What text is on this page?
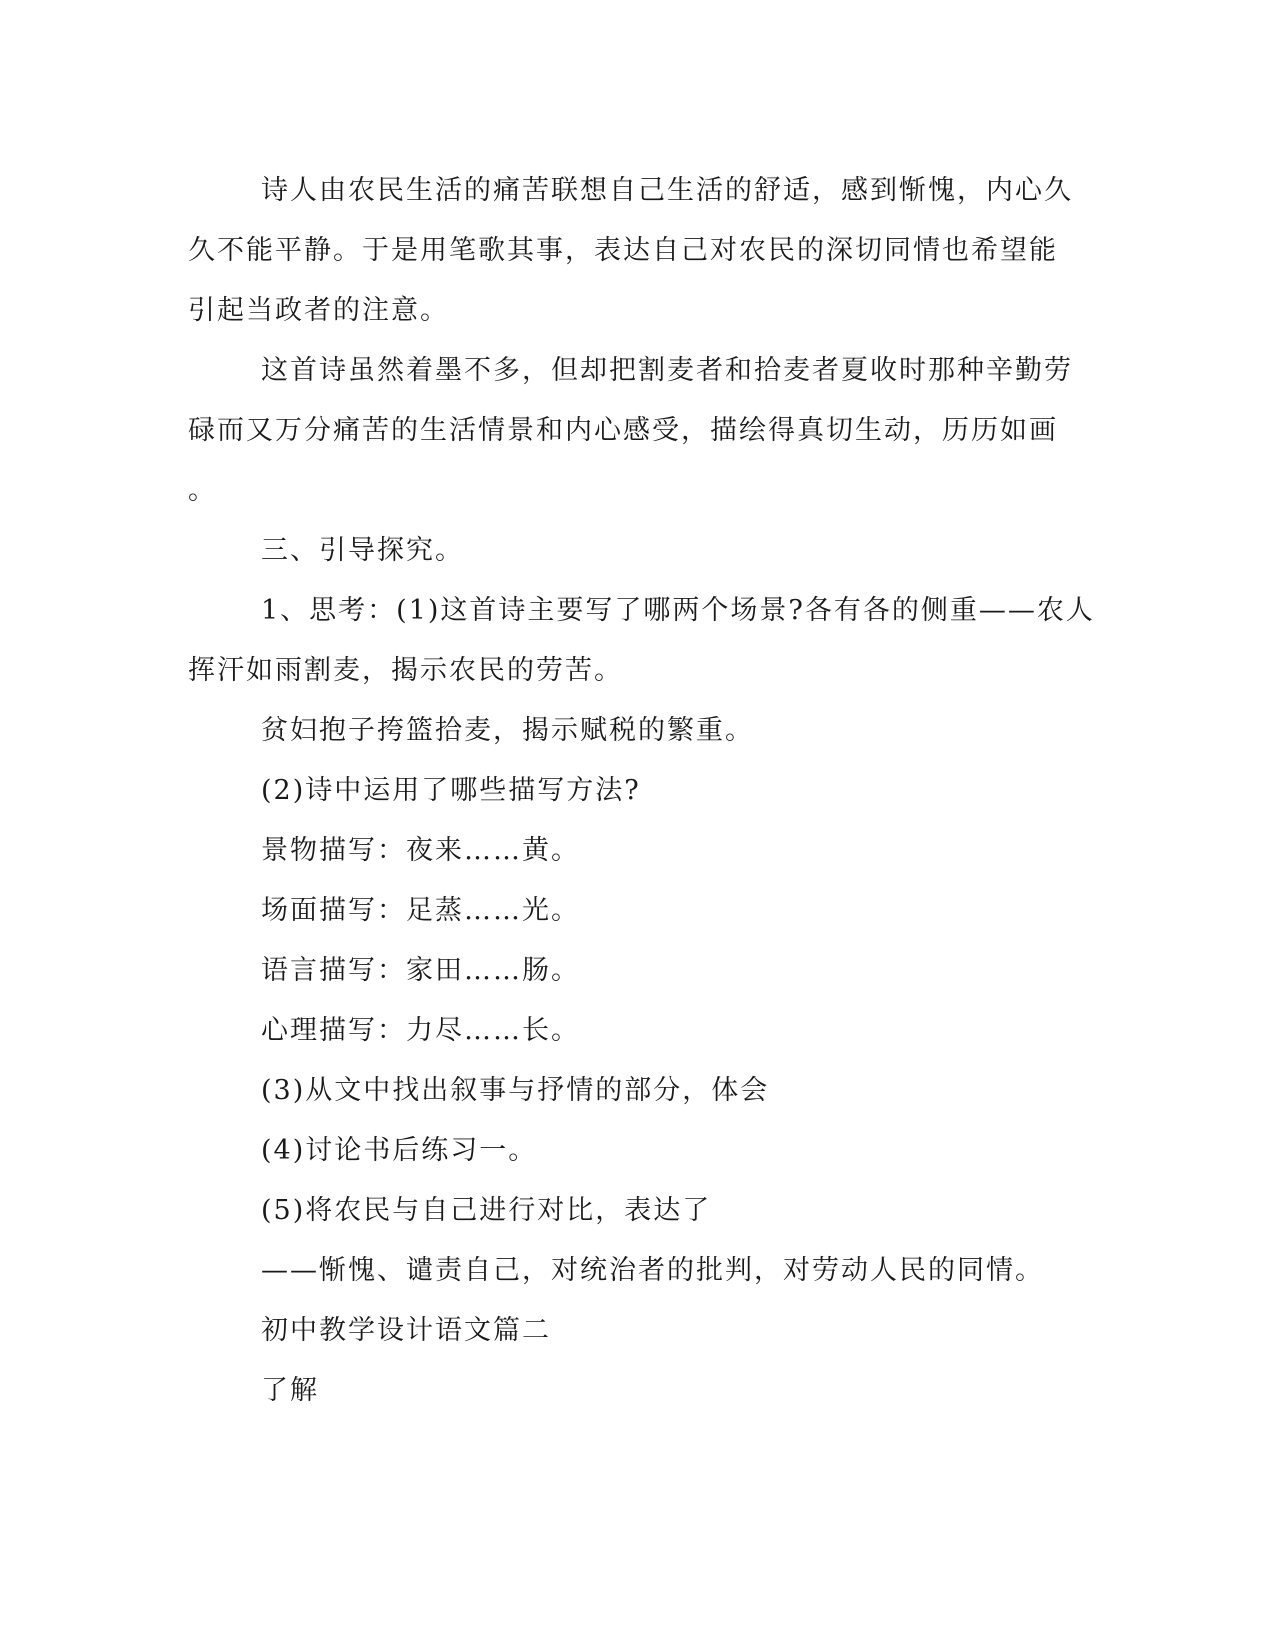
诗人由农民生活的痛苦联想自己生活的舒适，感到惭愧，内心久
久不能平静。于是用笔歌其事，表达自己对农民的深切同情也希望能
引起当政者的注意。
这首诗虽然着墨不多，但却把割麦者和拾麦者夏收时那种辛勤劳
碌而又万分痛苦的生活情景和内心感受，描绘得真切生动，历历如画
。
三、引导探究。
1、思考：(1)这首诗主要写了哪两个场景?各有各的侧重——农人
挥汗如雨割麦，揭示农民的劳苦。
贫妇抱子挎篮拾麦，揭示赋税的繁重。
(2)诗中运用了哪些描写方法?
景物描写：夜来……黄。
场面描写：足蒸……光。
语言描写：家田……肠。
心理描写：力尽……长。
(3)从文中找出叙事与抒情的部分，体会
(4)讨论书后练习一。
(5)将农民与自己进行对比，表达了
——惭愧、谴责自己，对统治者的批判，对劳动人民的同情。
初中教学设计语文篇二
了解
